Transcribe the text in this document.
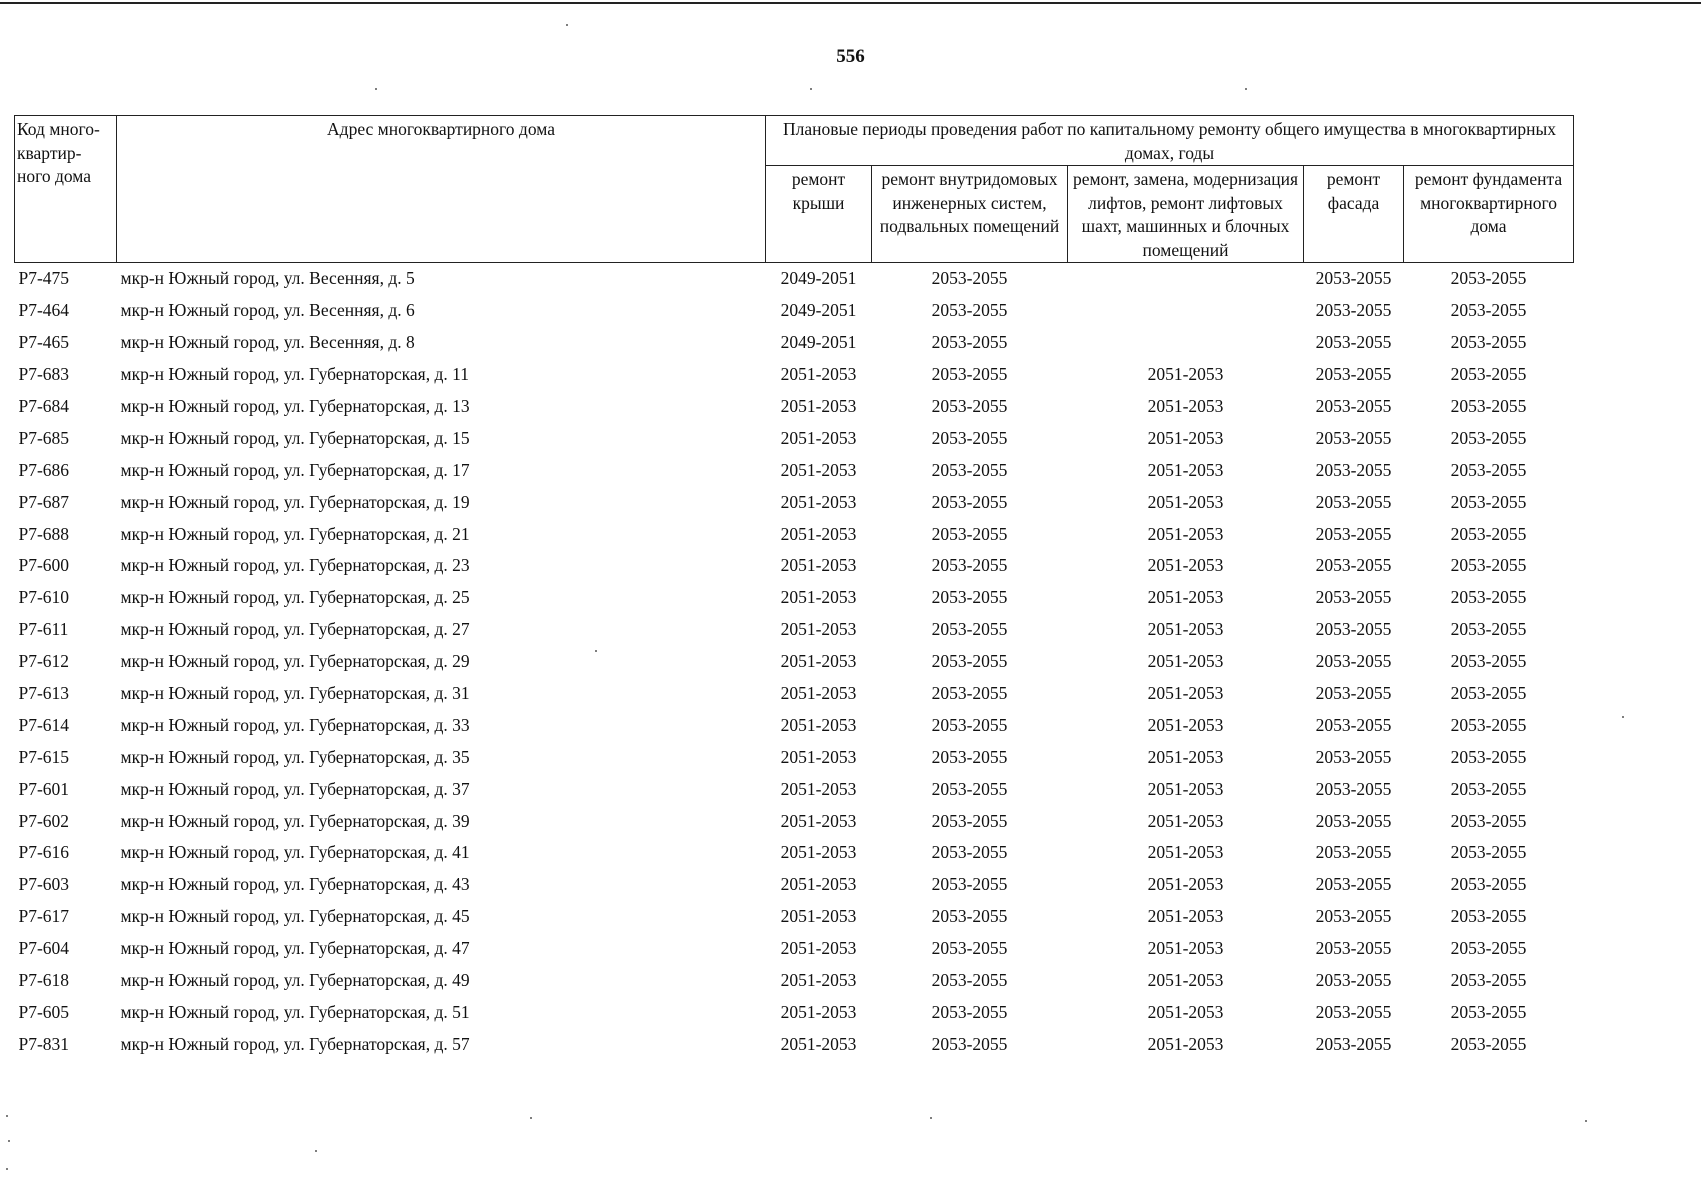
556
Код много-квартир-ного дома	Адрес многоквартирного дома	Плановые периоды проведения работ по капитальному ремонту общего имущества в многоквартирных домах, годы				
		ремонт крыши	ремонт внутридомовых инженерных систем, подвальных помещений	ремонт, замена, модернизация лифтов, ремонт лифтовых шахт, машинных и блочных помещений	ремонт фасада	ремонт фундамента многоквартирного дома
Р7-475	мкр-н Южный город, ул. Весенняя, д. 5	2049-2051	2053-2055		2053-2055	2053-2055
Р7-464	мкр-н Южный город, ул. Весенняя, д. 6	2049-2051	2053-2055		2053-2055	2053-2055
Р7-465	мкр-н Южный город, ул. Весенняя, д. 8	2049-2051	2053-2055		2053-2055	2053-2055
Р7-683	мкр-н Южный город, ул. Губернаторская, д. 11	2051-2053	2053-2055	2051-2053	2053-2055	2053-2055
Р7-684	мкр-н Южный город, ул. Губернаторская, д. 13	2051-2053	2053-2055	2051-2053	2053-2055	2053-2055
Р7-685	мкр-н Южный город, ул. Губернаторская, д. 15	2051-2053	2053-2055	2051-2053	2053-2055	2053-2055
Р7-686	мкр-н Южный город, ул. Губернаторская, д. 17	2051-2053	2053-2055	2051-2053	2053-2055	2053-2055
Р7-687	мкр-н Южный город, ул. Губернаторская, д. 19	2051-2053	2053-2055	2051-2053	2053-2055	2053-2055
Р7-688	мкр-н Южный город, ул. Губернаторская, д. 21	2051-2053	2053-2055	2051-2053	2053-2055	2053-2055
Р7-600	мкр-н Южный город, ул. Губернаторская, д. 23	2051-2053	2053-2055	2051-2053	2053-2055	2053-2055
Р7-610	мкр-н Южный город, ул. Губернаторская, д. 25	2051-2053	2053-2055	2051-2053	2053-2055	2053-2055
Р7-611	мкр-н Южный город, ул. Губернаторская, д. 27	2051-2053	2053-2055	2051-2053	2053-2055	2053-2055
Р7-612	мкр-н Южный город, ул. Губернаторская, д. 29	2051-2053	2053-2055	2051-2053	2053-2055	2053-2055
Р7-613	мкр-н Южный город, ул. Губернаторская, д. 31	2051-2053	2053-2055	2051-2053	2053-2055	2053-2055
Р7-614	мкр-н Южный город, ул. Губернаторская, д. 33	2051-2053	2053-2055	2051-2053	2053-2055	2053-2055
Р7-615	мкр-н Южный город, ул. Губернаторская, д. 35	2051-2053	2053-2055	2051-2053	2053-2055	2053-2055
Р7-601	мкр-н Южный город, ул. Губернаторская, д. 37	2051-2053	2053-2055	2051-2053	2053-2055	2053-2055
Р7-602	мкр-н Южный город, ул. Губернаторская, д. 39	2051-2053	2053-2055	2051-2053	2053-2055	2053-2055
Р7-616	мкр-н Южный город, ул. Губернаторская, д. 41	2051-2053	2053-2055	2051-2053	2053-2055	2053-2055
Р7-603	мкр-н Южный город, ул. Губернаторская, д. 43	2051-2053	2053-2055	2051-2053	2053-2055	2053-2055
Р7-617	мкр-н Южный город, ул. Губернаторская, д. 45	2051-2053	2053-2055	2051-2053	2053-2055	2053-2055
Р7-604	мкр-н Южный город, ул. Губернаторская, д. 47	2051-2053	2053-2055	2051-2053	2053-2055	2053-2055
Р7-618	мкр-н Южный город, ул. Губернаторская, д. 49	2051-2053	2053-2055	2051-2053	2053-2055	2053-2055
Р7-605	мкр-н Южный город, ул. Губернаторская, д. 51	2051-2053	2053-2055	2051-2053	2053-2055	2053-2055
Р7-831	мкр-н Южный город, ул. Губернаторская, д. 57	2051-2053	2053-2055	2051-2053	2053-2055	2053-2055
